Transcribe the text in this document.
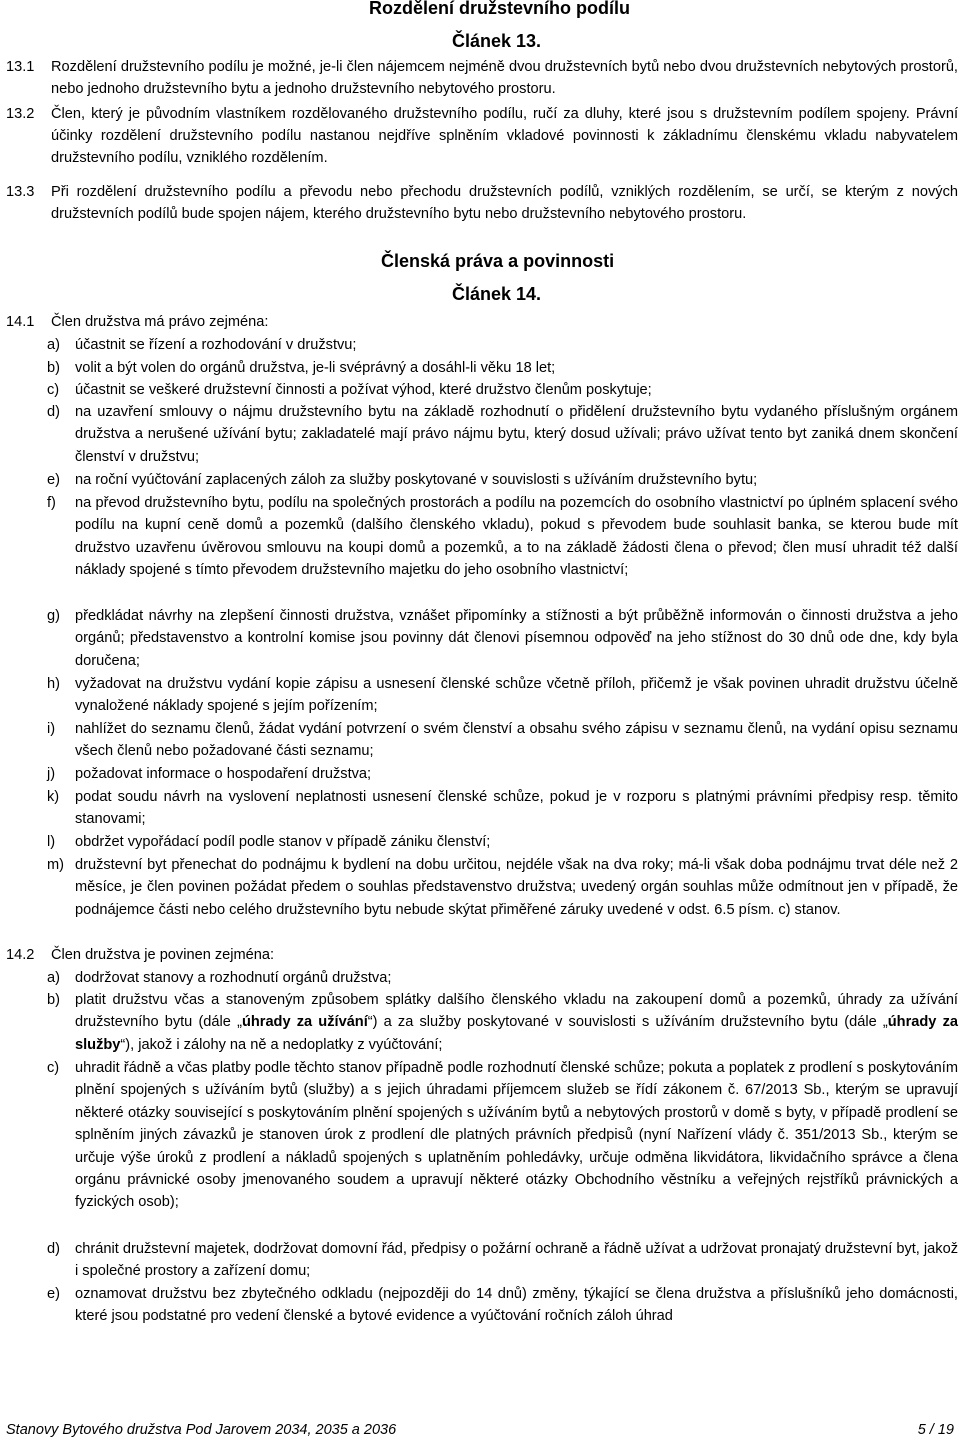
Rozdělení družstevního podílu
Článek 13.
13.1 Rozdělení družstevního podílu je možné, je-li člen nájemcem nejméně dvou družstevních bytů nebo dvou družstevních nebytových prostorů, nebo jednoho družstevního bytu a jednoho družstevního nebytového prostoru.
13.2 Člen, který je původním vlastníkem rozdělovaného družstevního podílu, ručí za dluhy, které jsou s družstevním podílem spojeny. Právní účinky rozdělení družstevního podílu nastanou nejdříve splněním vkladové povinnosti k základnímu členskému vkladu nabyvatelem družstevního podílu, vzniklého rozdělením.
13.3 Při rozdělení družstevního podílu a převodu nebo přechodu družstevních podílů, vzniklých rozdělením, se určí, se kterým z nových družstevních podílů bude spojen nájem, kterého družstevního bytu nebo družstevního nebytového prostoru.
Členská práva a povinnosti
Článek 14.
14.1 Člen družstva má právo zejména:
a) účastnit se řízení a rozhodování v družstvu;
b) volit a být volen do orgánů družstva, je-li svéprávný a dosáhl-li věku 18 let;
c) účastnit se veškeré družstevní činnosti a požívat výhod, které družstvo členům poskytuje;
d) na uzavření smlouvy o nájmu družstevního bytu na základě rozhodnutí o přidělení družstevního bytu vydaného příslušným orgánem družstva a nerušené užívání bytu; zakladatelé mají právo nájmu bytu, který dosud užívali; právo užívat tento byt zaniká dnem skončení členství v družstvu;
e) na roční vyúčtování zaplacených záloh za služby poskytované v souvislosti s užíváním družstevního bytu;
f) na převod družstevního bytu, podílu na společných prostorách a podílu na pozemcích do osobního vlastnictví po úplném splacení svého podílu na kupní ceně domů a pozemků (dalšího členského vkladu), pokud s převodem bude souhlasit banka, se kterou bude mít družstvo uzavřenu úvěrovou smlouvu na koupi domů a pozemků, a to na základě žádosti člena o převod; člen musí uhradit též další náklady spojené s tímto převodem družstevního majetku do jeho osobního vlastnictví;
g) předkládat návrhy na zlepšení činnosti družstva, vznášet připomínky a stížnosti a být průběžně informován o činnosti družstva a jeho orgánů; představenstvo a kontrolní komise jsou povinny dát členovi písemnou odpověď na jeho stížnost do 30 dnů ode dne, kdy byla doručena;
h) vyžadovat na družstvu vydání kopie zápisu a usnesení členské schůze včetně příloh, přičemž je však povinen uhradit družstvu účelně vynaložené náklady spojené s jejím pořízením;
i) nahlížet do seznamu členů, žádat vydání potvrzení o svém členství a obsahu svého zápisu v seznamu členů, na vydání opisu seznamu všech členů nebo požadované části seznamu;
j) požadovat informace o hospodaření družstva;
k) podat soudu návrh na vyslovení neplatnosti usnesení členské schůze, pokud je v rozporu s platnými právními předpisy resp. těmito stanovami;
l) obdržet vypořádací podíl podle stanov v případě zániku členství;
m) družstevní byt přenechat do podnájmu k bydlení na dobu určitou, nejdéle však na dva roky; má-li však doba podnájmu trvat déle než 2 měsíce, je člen povinen požádat předem o souhlas představenstvo družstva; uvedený orgán souhlas může odmítnout jen v případě, že podnájemce části nebo celého družstevního bytu nebude skýtat přiměřené záruky uvedené v odst. 6.5 písm. c) stanov.
14.2 Člen družstva je povinen zejména:
a) dodržovat stanovy a rozhodnutí orgánů družstva;
b) platit družstvu včas a stanoveným způsobem splátky dalšího členského vkladu na zakoupení domů a pozemků, úhrady za užívání družstevního bytu (dále „úhrady za užívání“) a za služby poskytované v souvislosti s užíváním družstevního bytu (dále „úhrady za služby“), jakož i zálohy na ně a nedoplatky z vyúčtování;
c) uhradit řádně a včas platby podle těchto stanov případně podle rozhodnutí členské schůze; pokuta a poplatek z prodlení s poskytováním plnění spojených s užíváním bytů (služby) a s jejich úhradami příjemcem služeb se řídí zákonem č. 67/2013 Sb., kterým se upravují některé otázky související s poskytováním plnění spojených s užíváním bytů a nebytových prostorů v domě s byty, v případě prodlení se splněním jiných závazků je stanoven úrok z prodlení dle platných právních předpisů (nyní Nařízení vlády č. 351/2013 Sb., kterým se určuje výše úroků z prodlení a nákladů spojených s uplatněním pohledávky, určuje odměna likvidátora, likvidačního správce a člena orgánu právnické osoby jmenovaného soudem a upravují některé otázky Obchodního věstníku a veřejných rejstříků právnických a fyzických osob);
d) chránit družstevní majetek, dodržovat domovní řád, předpisy o požární ochraně a řádně užívat a udržovat pronajatý družstevní byt, jakož i společné prostory a zařízení domu;
e) oznamovat družstvu bez zbytečného odkladu (nejpozději do 14 dnů) změny, týkající se člena družstva a příslušníků jeho domácnosti, které jsou podstatné pro vedení členské a bytové evidence a vyúčtování ročních záloh úhrad
Stanovy Bytového družstva Pod Jarovem 2034, 2035 a 2036	5 / 19
